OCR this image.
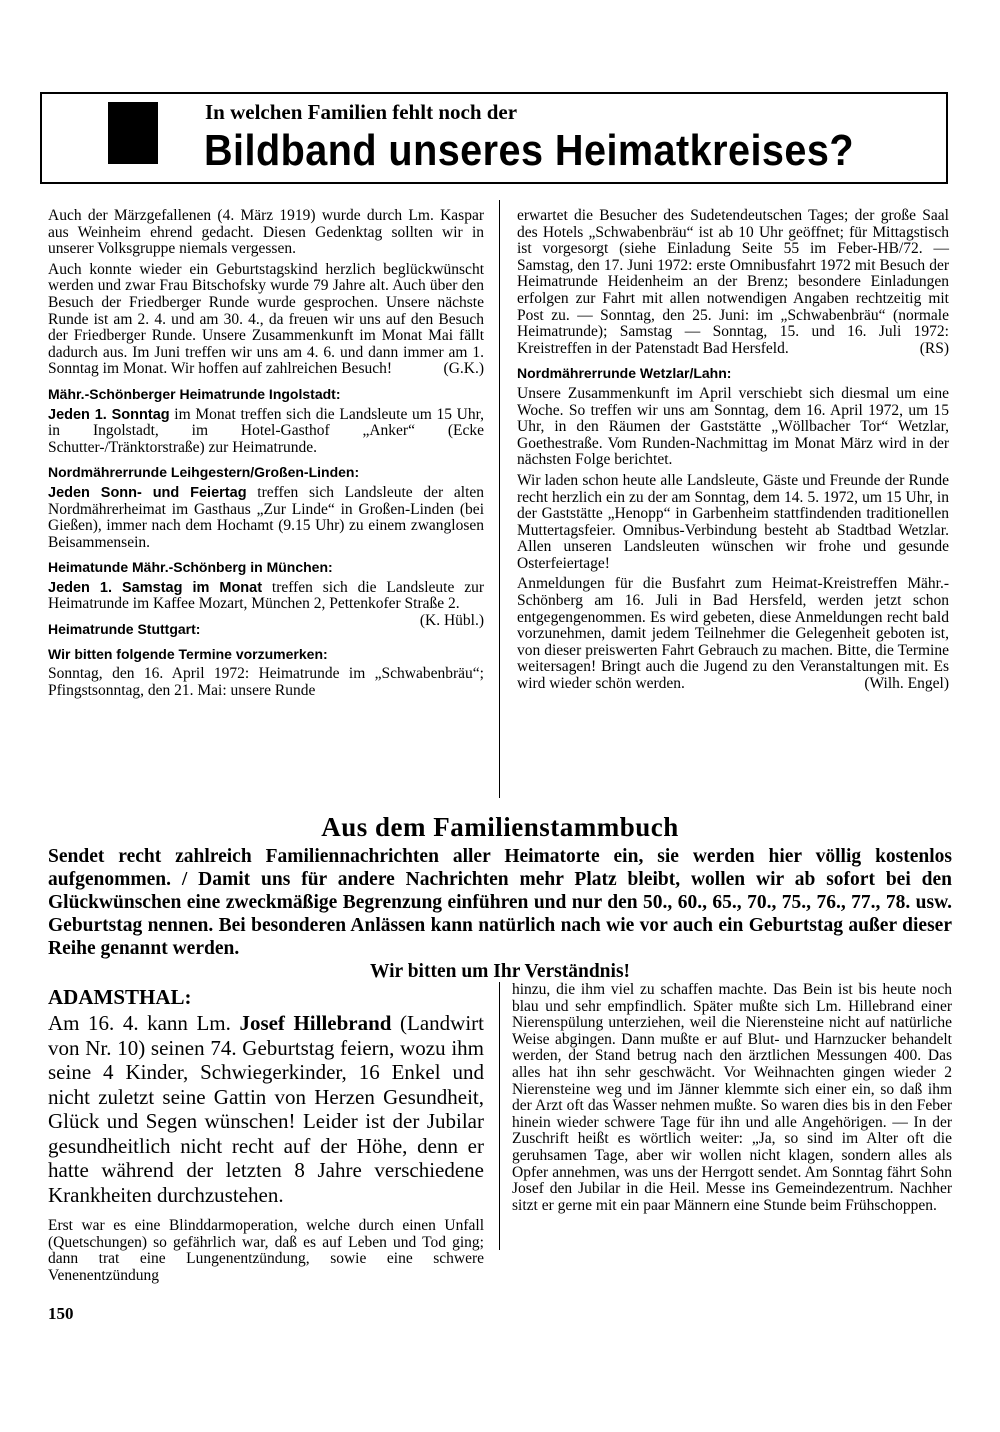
In welchen Familien fehlt noch der
Bildband unseres Heimatkreises?

Auch der Märzgefallenen (4. März 1919) wurde durch Lm. Kaspar aus Weinheim ehrend gedacht. Diesen Gedenktag sollten wir in unserer Volksgruppe niemals vergessen.

Auch konnte wieder ein Geburtstagskind herzlich beglückwünscht werden und zwar Frau Bitschofsky wurde 79 Jahre alt. Auch über den Besuch der Friedberger Runde wurde gesprochen. Unsere nächste Runde ist am 2. 4. und am 30. 4., da freuen wir uns auf den Besuch der Friedberger Runde. Unsere Zusammenkunft im Monat Mai fällt dadurch aus. Im Juni treffen wir uns am 4. 6. und dann immer am 1. Sonntag im Monat. Wir hoffen auf zahlreichen Besuch!	(G.K.)

Mähr.-Schönberger Heimatrunde Ingolstadt:

Jeden 1. Sonntag im Monat treffen sich die Landsleute um 15 Uhr, in Ingolstadt, im Hotel-Gasthof „Anker“ (Ecke Schutter-/Tränktorstraße) zur Heimatrunde.

Nordmährerrunde Leihgestern/Großen-Linden:

Jeden Sonn- und Feiertag treffen sich Landsleute der alten Nordmährerheimat im Gasthaus „Zur Linde“ in Großen-Linden (bei Gießen), immer nach dem Hochamt (9.15 Uhr) zu einem zwanglosen Beisammensein.

Heimatunde Mähr.-Schönberg in München:

Jeden 1. Samstag im Monat treffen sich die Landsleute zur Heimatrunde im Kaffee Mozart, München 2, Pettenkofer Straße 2.
(K. Hübl.)

Heimatrunde Stuttgart:
Wir bitten folgende Termine vorzumerken:

Sonntag, den 16. April 1972: Heimatrunde im „Schwabenbräu“; Pfingstsonntag, den 21. Mai: unsere Runde

erwartet die Besucher des Sudetendeutschen Tages; der große Saal des Hotels „Schwabenbräu“ ist ab 10 Uhr geöffnet; für Mittagstisch ist vorgesorgt (siehe Einladung Seite 55 im Feber-HB/72. — Samstag, den 17. Juni 1972: erste Omnibusfahrt 1972 mit Besuch der Heimatrunde Heidenheim an der Brenz; besondere Einladungen erfolgen zur Fahrt mit allen notwendigen Angaben rechtzeitig mit Post zu. — Sonntag, den 25. Juni: im „Schwabenbräu“ (normale Heimatrunde); Samstag — Sonntag, 15. und 16. Juli 1972: Kreistreffen in der Patenstadt Bad Hersfeld.	(RS)

Nordmährerrunde Wetzlar/Lahn:

Unsere Zusammenkunft im April verschiebt sich diesmal um eine Woche. So treffen wir uns am Sonntag, dem 16. April 1972, um 15 Uhr, in den Räumen der Gaststätte „Wöllbacher Tor“ Wetzlar, Goethestraße. Vom Runden-Nachmittag im Monat März wird in der nächsten Folge berichtet.

Wir laden schon heute alle Landsleute, Gäste und Freunde der Runde recht herzlich ein zu der am Sonntag, dem 14. 5. 1972, um 15 Uhr, in der Gaststätte „Henopp“ in Garbenheim stattfindenden traditionellen Muttertagsfeier. Omnibus-Verbindung besteht ab Stadtbad Wetzlar. Allen unseren Landsleuten wünschen wir frohe und gesunde Osterfeiertage!

Anmeldungen für die Busfahrt zum Heimat-Kreistreffen Mähr.-Schönberg am 16. Juli in Bad Hersfeld, werden jetzt schon entgegengenommen. Es wird gebeten, diese Anmeldungen recht bald vorzunehmen, damit jedem Teilnehmer die Gelegenheit geboten ist, von dieser preiswerten Fahrt Gebrauch zu machen. Bitte, die Termine weitersagen! Bringt auch die Jugend zu den Veranstaltungen mit. Es wird wieder schön werden.	(Wilh. Engel)

Aus dem Familienstammbuch
Sendet recht zahlreich Familiennachrichten aller Heimatorte ein, sie werden hier völlig kostenlos aufgenommen. / Damit uns für andere Nachrichten mehr Platz bleibt, wollen wir ab sofort bei den Glückwünschen eine zweckmäßige Begrenzung einführen und nur den 50., 60., 65., 70., 75., 76., 77., 78. usw. Geburtstag nennen. Bei besonderen Anlässen kann natürlich nach wie vor auch ein Geburtstag außer dieser Reihe genannt werden.
Wir bitten um Ihr Verständnis!
ADAMSTHAL:
Am 16. 4. kann Lm. Josef Hillebrand (Landwirt von Nr. 10) seinen 74. Geburtstag feiern, wozu ihm seine 4 Kinder, Schwiegerkinder, 16 Enkel und nicht zuletzt seine Gattin von Herzen Gesundheit, Glück und Segen wünschen! Leider ist der Jubilar gesundheitlich nicht recht auf der Höhe, denn er hatte während der letzten 8 Jahre verschiedene Krankheiten durchzustehen.
Erst war es eine Blinddarmoperation, welche durch einen Unfall (Quetschungen) so gefährlich war, daß es auf Leben und Tod ging; dann trat eine Lungenentzündung, sowie eine schwere Venenentzündung
hinzu, die ihm viel zu schaffen machte. Das Bein ist bis heute noch blau und sehr empfindlich. Später mußte sich Lm. Hillebrand einer Nierenspülung unterziehen, weil die Nierensteine nicht auf natürliche Weise abgingen. Dann mußte er auf Blut- und Harnzucker behandelt werden, der Stand betrug nach den ärztlichen Messungen 400. Das alles hat ihn sehr geschwächt. Vor Weihnachten gingen wieder 2 Nierensteine weg und im Jänner klemmte sich einer ein, so daß ihm der Arzt oft das Wasser nehmen mußte. So waren dies bis in den Feber hinein wieder schwere Tage für ihn und alle Angehörigen. — In der Zuschrift heißt es wörtlich weiter: „Ja, so sind im Alter oft die geruhsamen Tage, aber wir wollen nicht klagen, sondern alles als Opfer annehmen, was uns der Herrgott sendet. Am Sonntag fährt Sohn Josef den Jubilar in die Heil. Messe ins Gemeindezentrum. Nachher sitzt er gerne mit ein paar Männern eine Stunde beim Frühschoppen.
150
